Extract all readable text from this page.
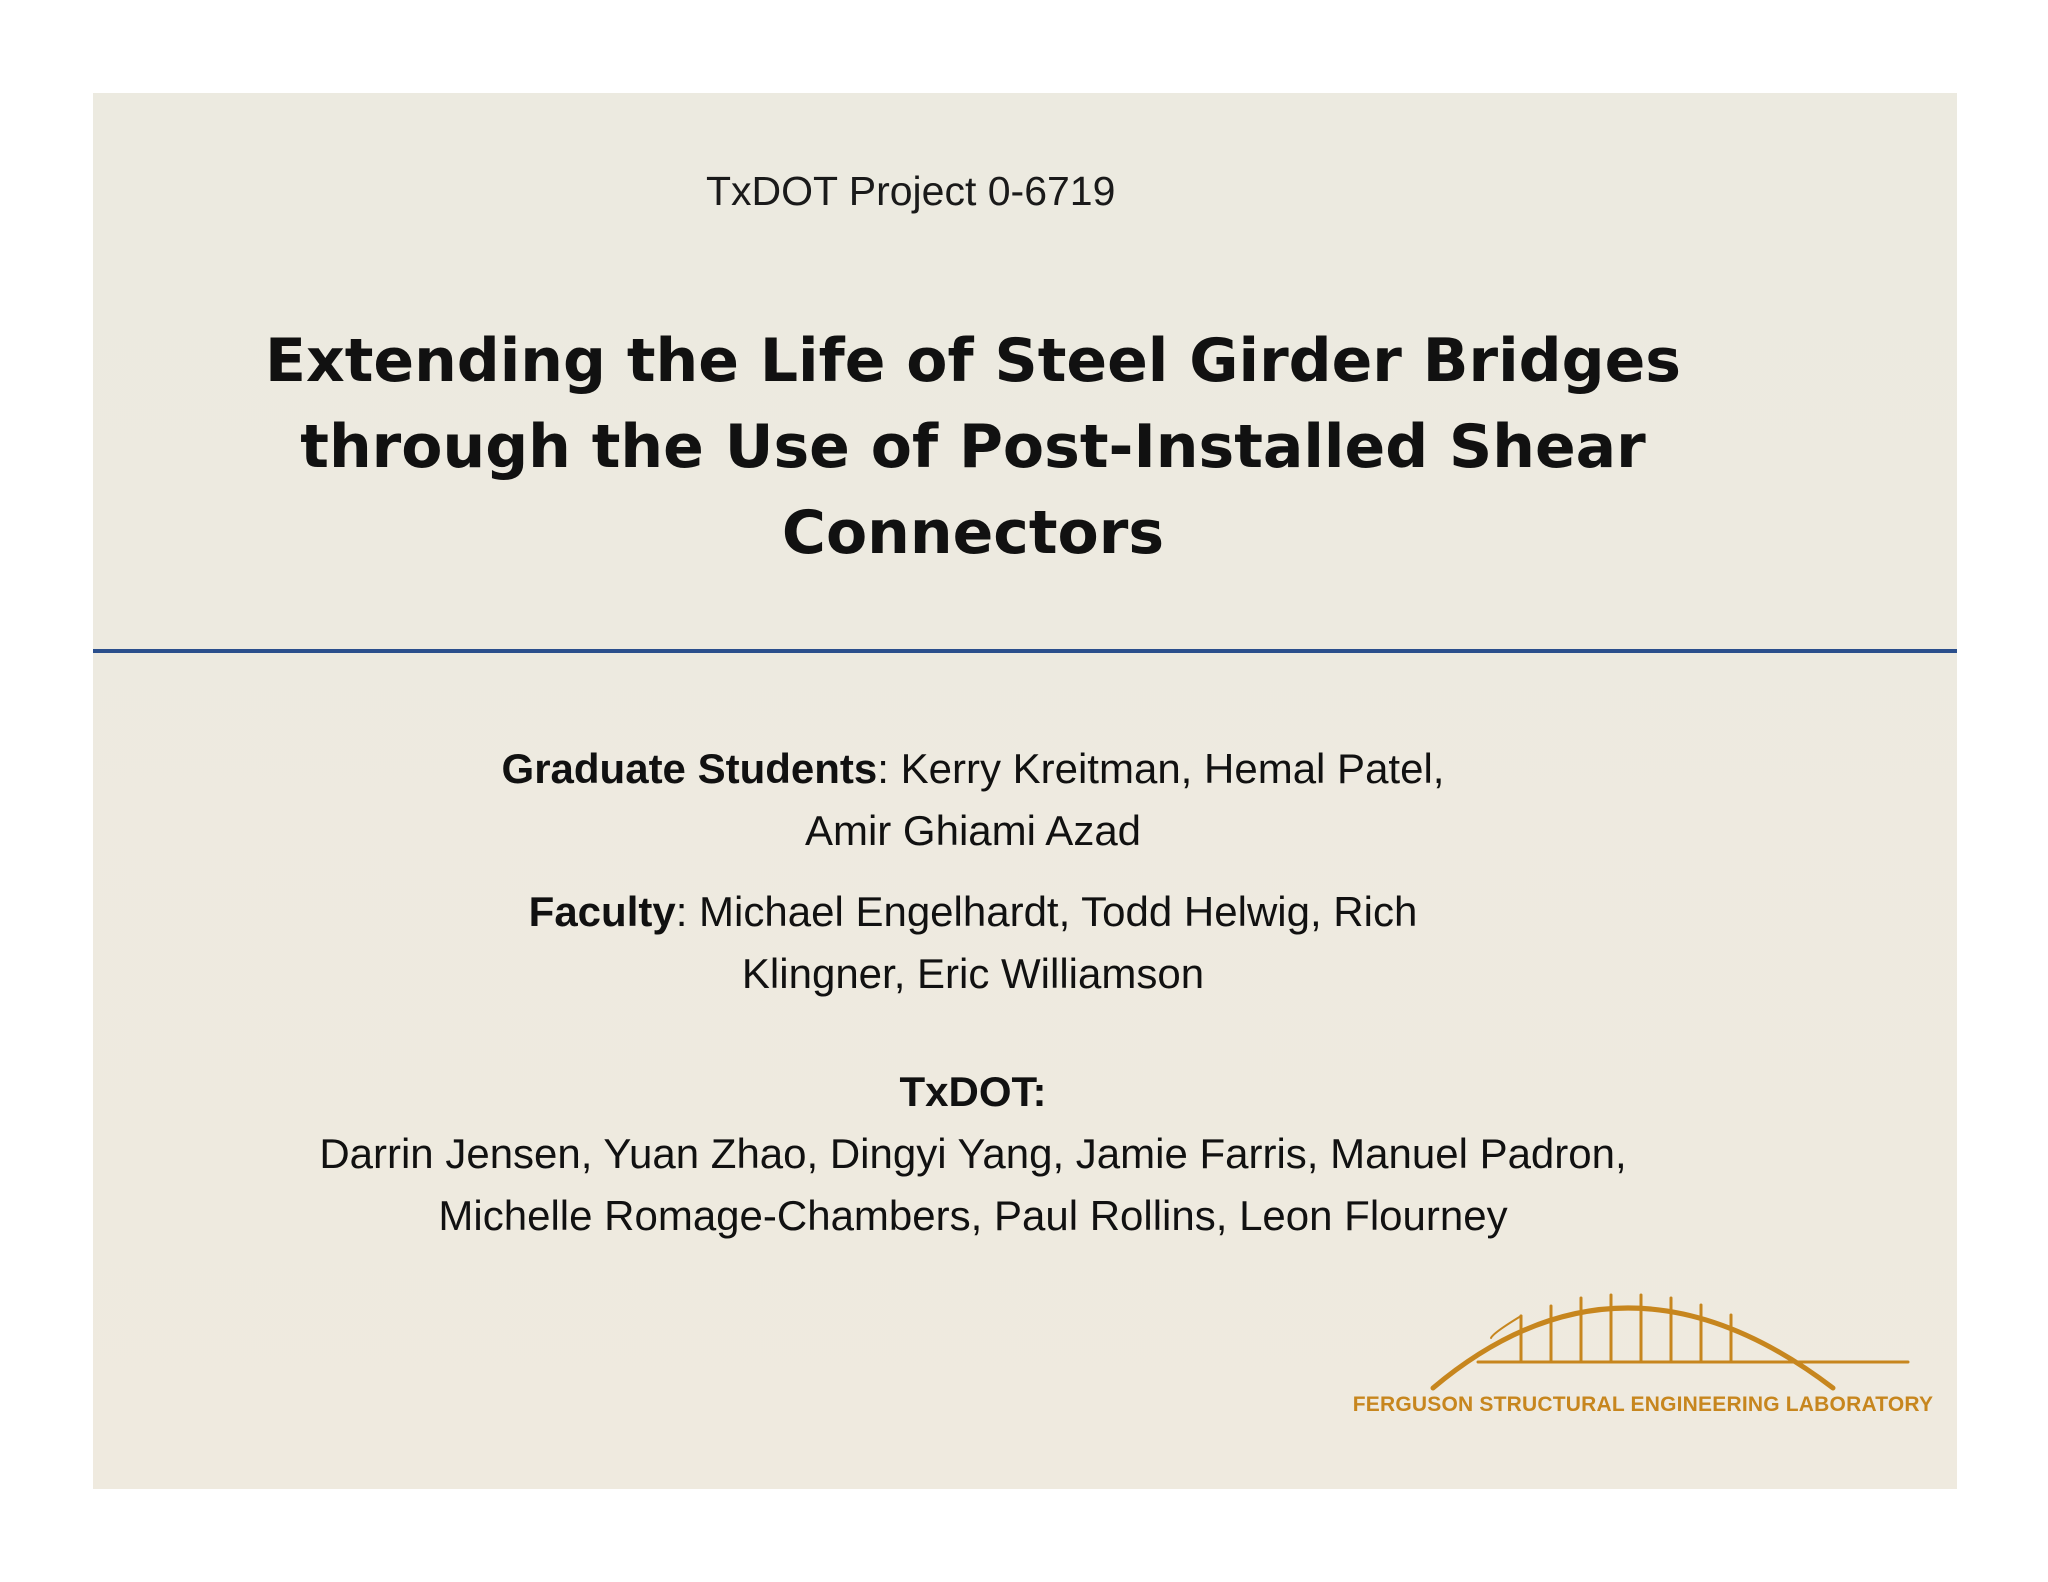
TxDOT Project 0-6719
Extending the Life of Steel Girder Bridges
through the Use of Post-Installed Shear
Connectors
Graduate Students: Kerry Kreitman, Hemal Patel,
Amir Ghiami Azad
Faculty: Michael Engelhardt, Todd Helwig, Rich
Klingner, Eric Williamson
TxDOT:
Darrin Jensen, Yuan Zhao, Dingyi Yang, Jamie Farris, Manuel Padron,
Michelle Romage-Chambers, Paul Rollins, Leon Flourney
FERGUSON STRUCTURAL ENGINEERING LABORATORY
